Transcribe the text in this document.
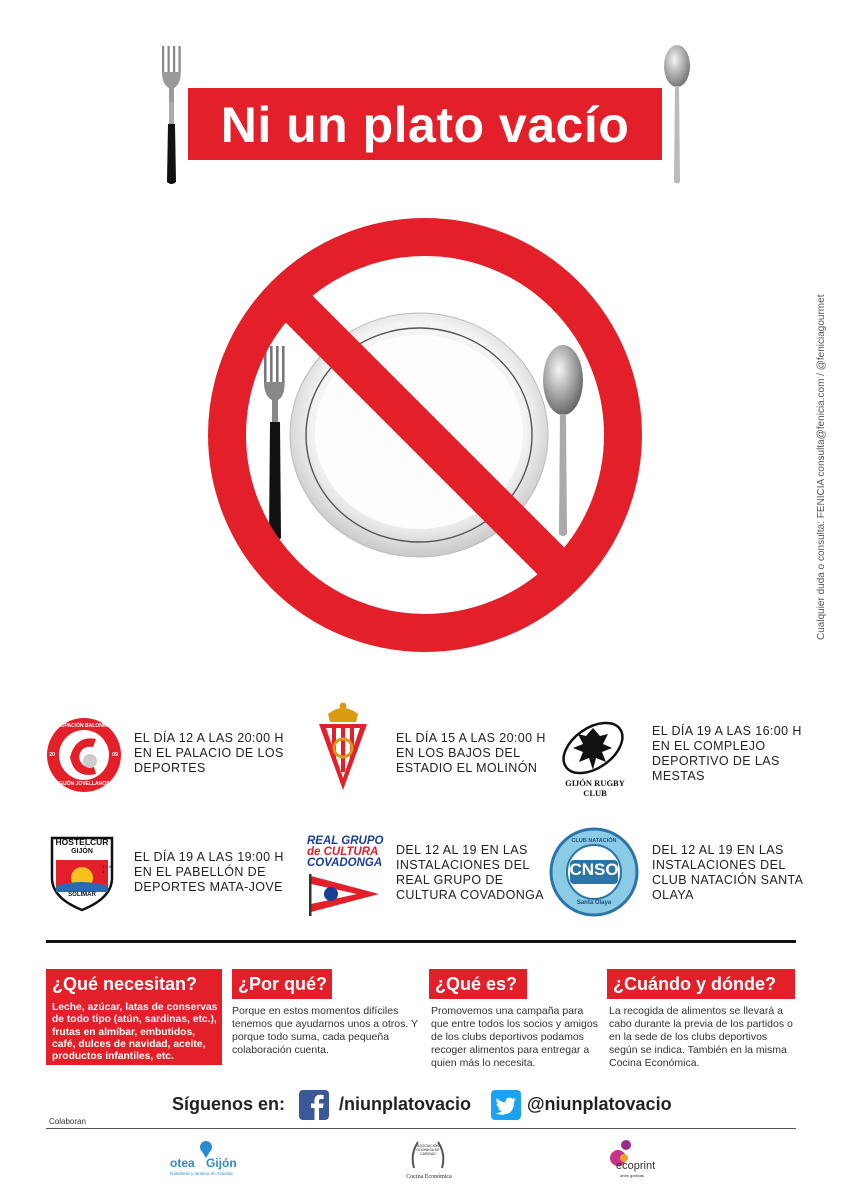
Ni un plato vacío
Cualquier duda o consulta: FENICIA consulta@fenicia.com / @feniciagourmet
AGRUPACIÓN BALONMANO
GIJÓN JOVELLANOS
20	09
EL DÍA 12 A LAS 20:00 H EN EL PALACIO DE LOS DEPORTES
EL DÍA 15 A LAS 20:00 H EN LOS BAJOS DEL ESTADIO EL MOLINÓN
GIJÓN RUGBY CLUB
EL DÍA 19 A LAS 16:00 H EN EL COMPLEJO DEPORTIVO DE LAS MESTAS
HOSTELCUR
GIJÓN
SOLIMAR
1 9 9 5
EL DÍA 19 A LAS 19:00 H EN EL PABELLÓN DE DEPORTES MATA-JOVE
REAL GRUPO
de CULTURA
COVADONGA
DEL 12 AL 19 EN LAS INSTALACIONES DEL REAL GRUPO DE CULTURA COVADONGA
CNSO
CLUB NATACIÓN
Santa Olaya
DEL 12 AL 19 EN LAS INSTALACIONES DEL CLUB NATACIÓN SANTA OLAYA
¿Qué necesitan?
Leche, azúcar, latas de conservas de todo tipo (atún, sardinas, etc.), frutas en almíbar, embutidos, café, dulces de navidad, aceite, productos infantiles, etc.
¿Por qué?
Porque en estos momentos difíciles tenemos que ayudarnos unos a otros. Y porque todo suma, cada pequeña colaboración cuenta.
¿Qué es?
Promovemos una campaña para que entre todos los socios y amigos de los clubs deportivos podamos recoger alimentos para entregar a quien más lo necesita.
¿Cuándo y dónde?
La recogida de alimentos se llevará a cabo durante la previa de los partidos o en la sede de los clubs deportivos según se indica. También en la misma Cocina Económica.
Síguenos en:	/niunplatovacio	@niunplatovacio
Colaboran
otea Gijón
hostelería y turismo en Asturias
ASOCIACIÓN GIJONESA DE CARIDAD
Cocina Económica
ecoprint
artes gráficas
